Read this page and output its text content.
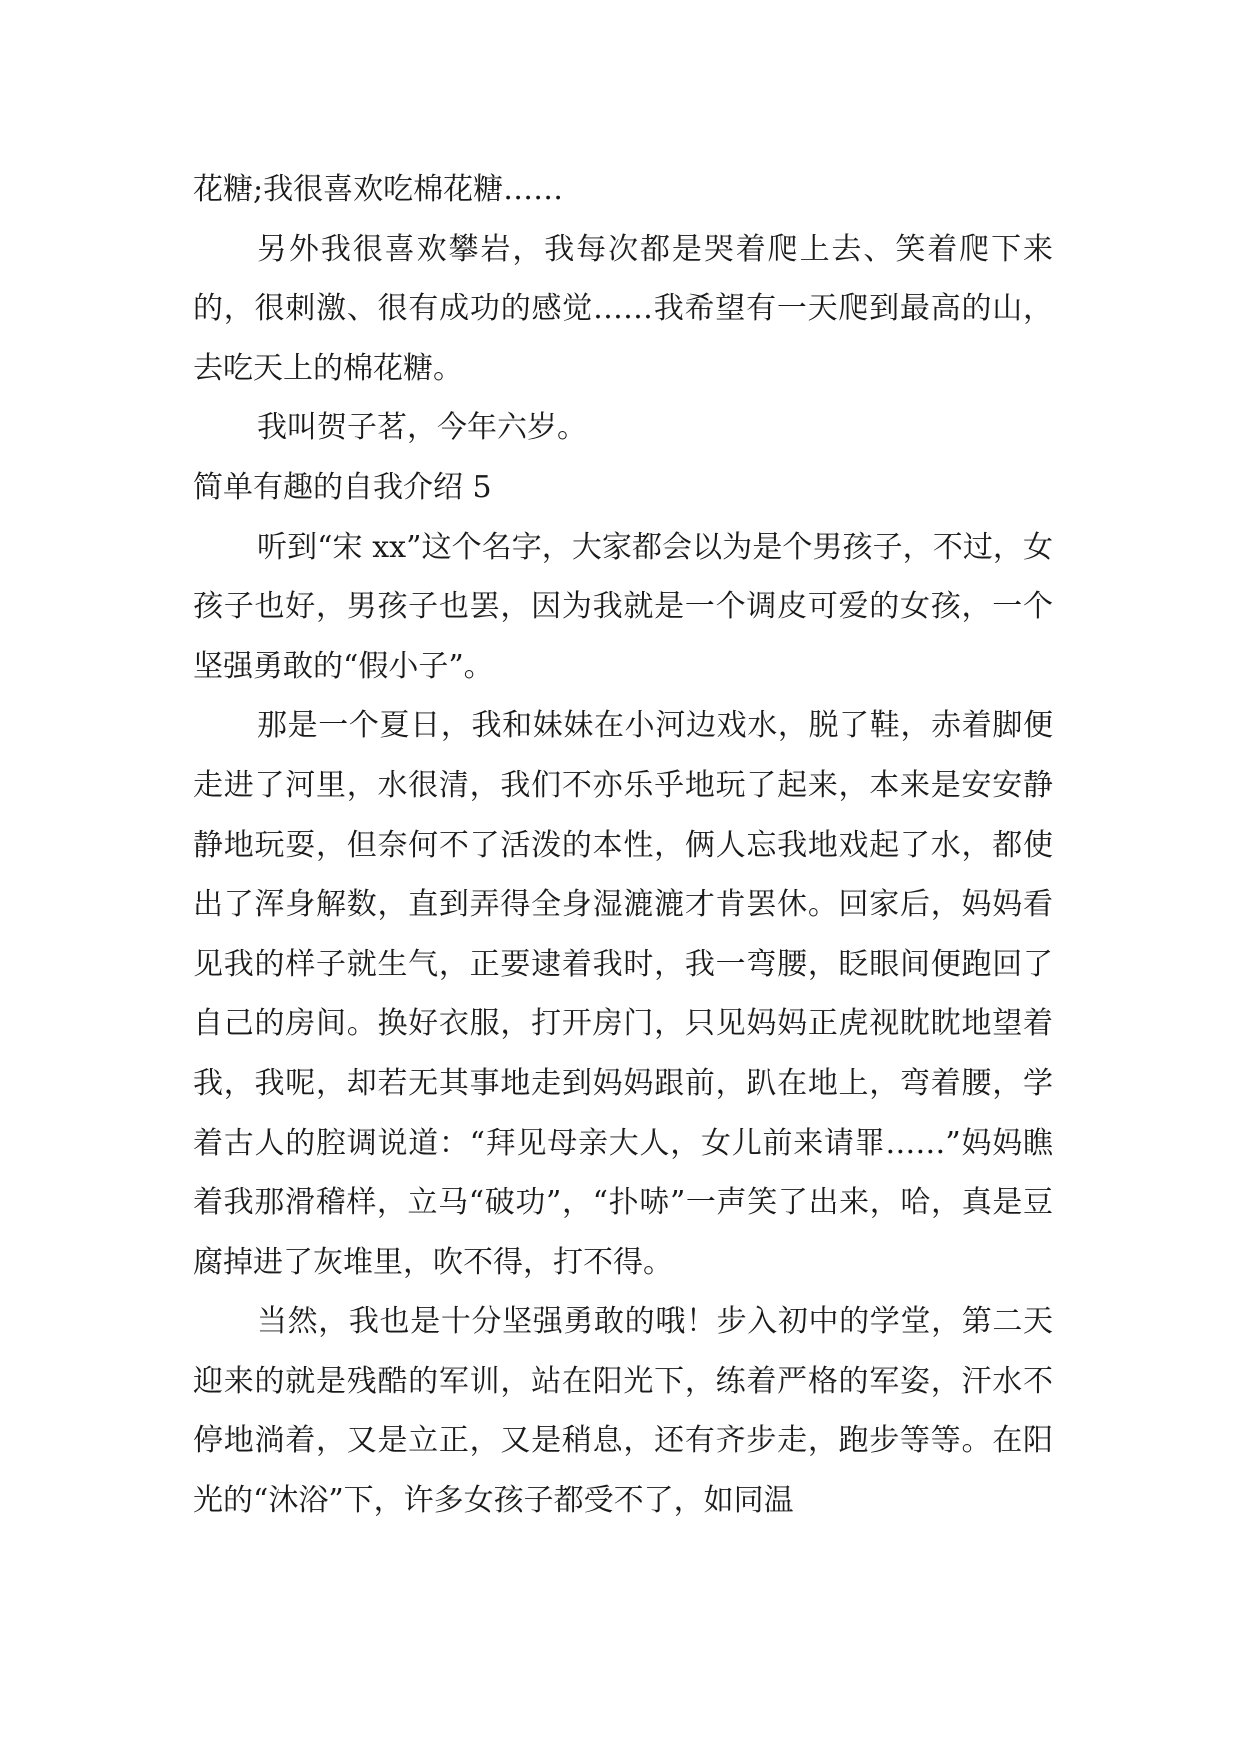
花糖;我很喜欢吃棉花糖……

另外我很喜欢攀岩，我每次都是哭着爬上去、笑着爬下来的，很刺激、很有成功的感觉……我希望有一天爬到最高的山，去吃天上的棉花糖。

我叫贺子茗，今年六岁。

简单有趣的自我介绍 5

听到“宋 xx”这个名字，大家都会以为是个男孩子，不过，女孩子也好，男孩子也罢，因为我就是一个调皮可爱的女孩，一个坚强勇敢的“假小子”。

那是一个夏日，我和妹妹在小河边戏水，脱了鞋，赤着脚便走进了河里，水很清，我们不亦乐乎地玩了起来，本来是安安静静地玩耍，但奈何不了活泼的本性，俩人忘我地戏起了水，都使出了浑身解数，直到弄得全身湿漉漉才肯罢休。回家后，妈妈看见我的样子就生气，正要逮着我时，我一弯腰，眨眼间便跑回了自己的房间。换好衣服，打开房门，只见妈妈正虎视眈眈地望着我，我呢，却若无其事地走到妈妈跟前，趴在地上，弯着腰，学着古人的腔调说道：“拜见母亲大人，女儿前来请罪……”妈妈瞧着我那滑稽样，立马“破功”，“扑哧”一声笑了出来，哈，真是豆腐掉进了灰堆里，吹不得，打不得。

当然，我也是十分坚强勇敢的哦！步入初中的学堂，第二天迎来的就是残酷的军训，站在阳光下，练着严格的军姿，汗水不停地淌着，又是立正，又是稍息，还有齐步走，跑步等等。在阳光的“沐浴”下，许多女孩子都受不了，如同温
